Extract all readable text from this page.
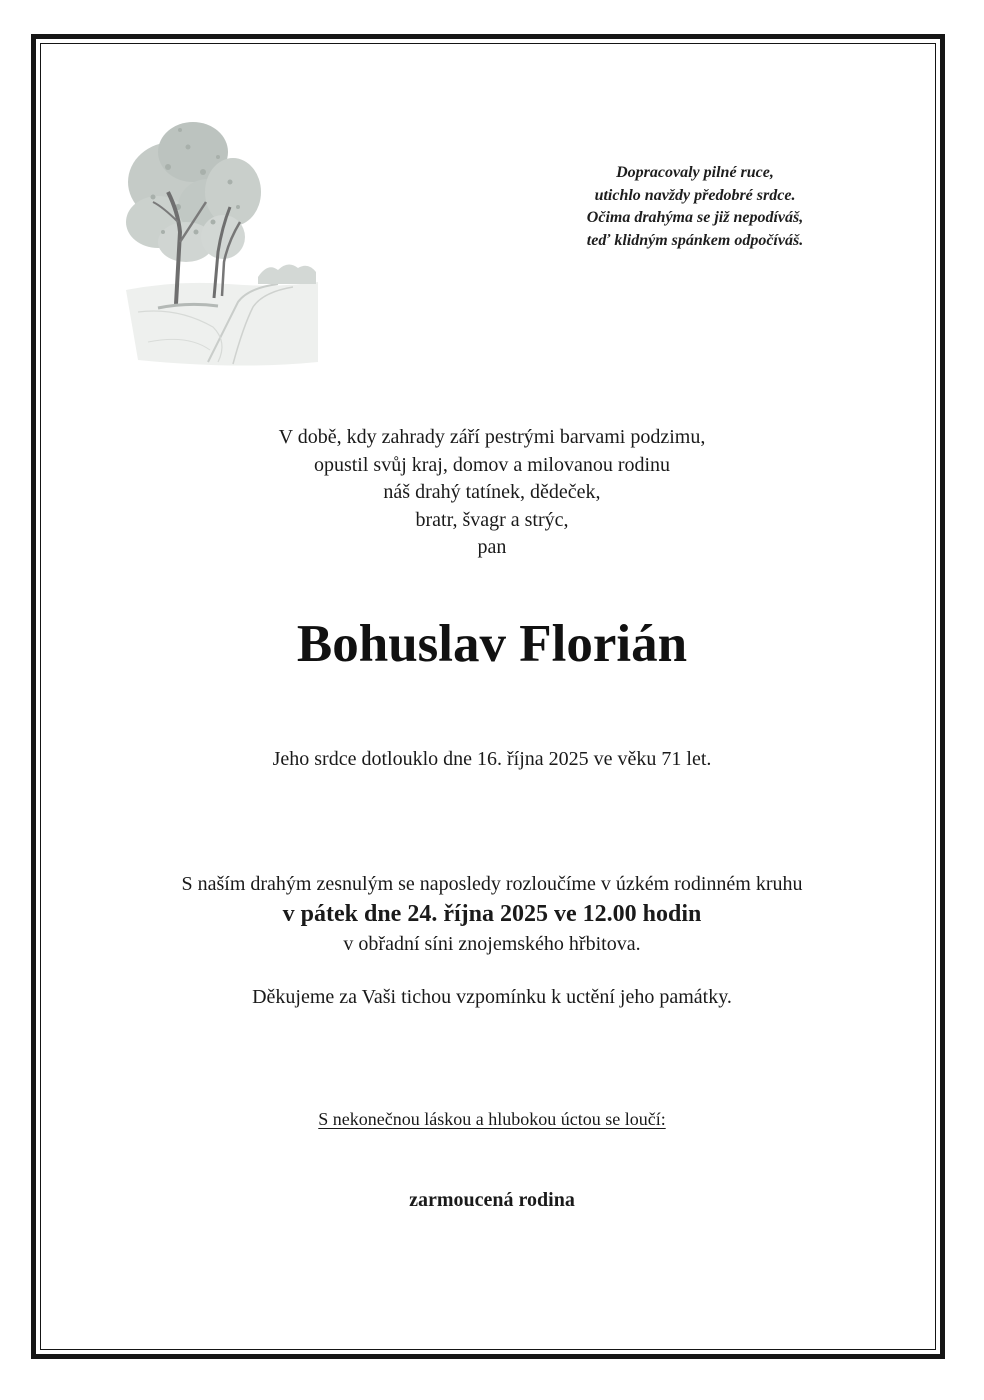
Dopracovaly pilné ruce,
utichlo navždy předobré srdce.
Očima drahýma se již nepodíváš,
teď klidným spánkem odpočíváš.
V době, kdy zahrady září pestrými barvami podzimu,
opustil svůj kraj, domov a milovanou rodinu
náš drahý tatínek, dědeček,
bratr, švagr a strýc,
pan
Bohuslav Florián
Jeho srdce dotlouklo dne 16. října 2025 ve věku 71 let.
S naším drahým zesnulým se naposledy rozloučíme v úzkém rodinném kruhu
v pátek dne 24. října 2025 ve 12.00 hodin
v obřadní síni znojemského hřbitova.
Děkujeme za Vaši tichou vzpomínku k uctění jeho památky.
S nekonečnou láskou a hlubokou úctou se loučí:
zarmoucená rodina
